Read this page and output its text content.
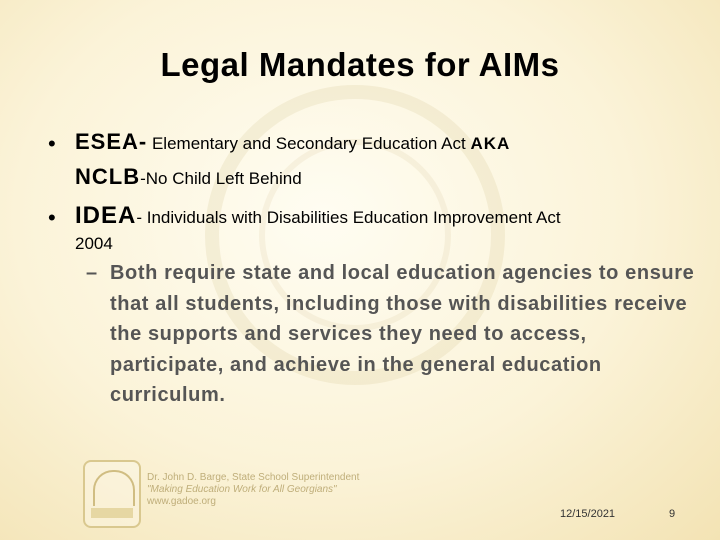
Legal Mandates for AIMs
• ESEA- Elementary and Secondary Education Act AKA
NCLB-No Child Left Behind
• IDEA- Individuals with Disabilities Education Improvement Act
2004
– Both require state and local education agencies to ensure that all students, including those with disabilities receive the supports and services they need to access, participate, and achieve in the general education curriculum.
Dr. John D. Barge, State School Superintendent
"Making Education Work for All Georgians"
www.gadoe.org
12/15/2021	9
